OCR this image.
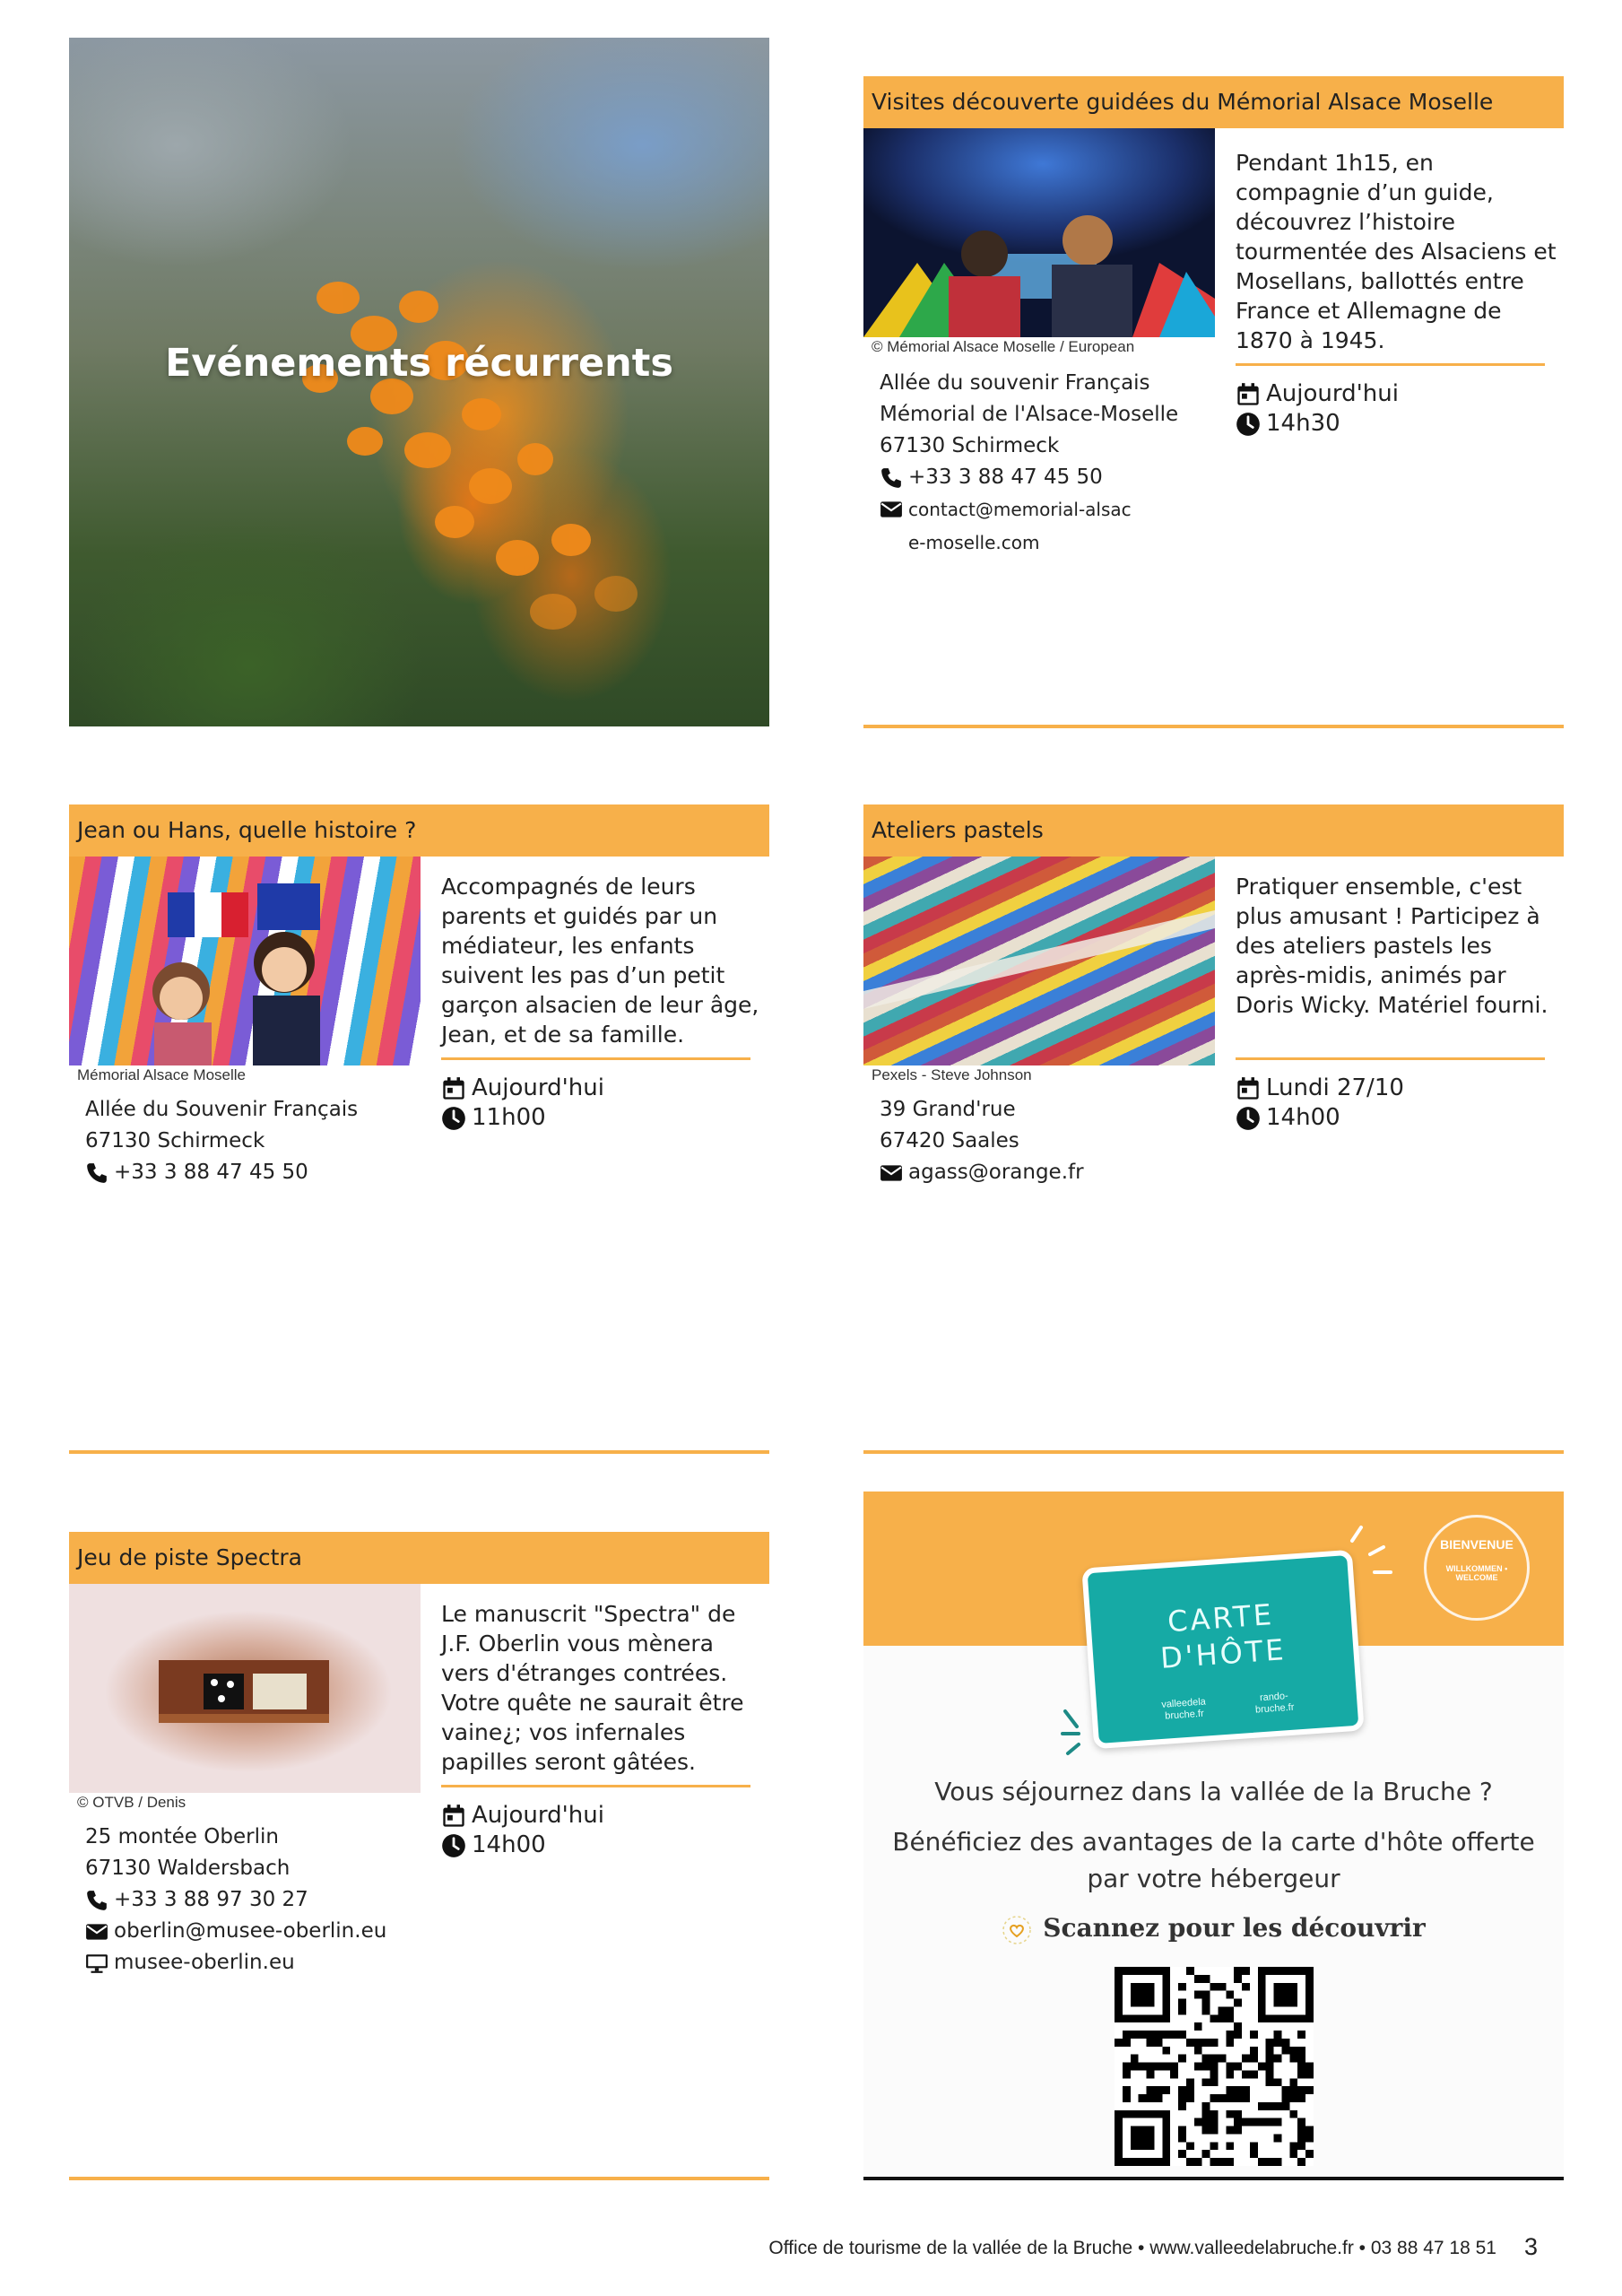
Evénements récurrents
Visites découverte guidées du Mémorial Alsace Moselle
© Mémorial Alsace Moselle / European
Pendant 1h15, en compagnie d’un guide, découvrez l’histoire tourmentée des Alsaciens et Mosellans, ballottés entre France et Allemagne de 1870 à 1945.
Aujourd'hui
14h30
Allée du souvenir Français
Mémorial de l'Alsace-Moselle
67130 Schirmeck
+33 3 88 47 45 50
contact@memorial-alsace-moselle.com
Jean ou Hans, quelle histoire ?
Mémorial Alsace Moselle
Accompagnés de leurs parents et guidés par un médiateur, les enfants suivent les pas d’un petit garçon alsacien de leur âge, Jean, et de sa famille.
Aujourd'hui
11h00
Allée du Souvenir Français
67130 Schirmeck
+33 3 88 47 45 50
Ateliers pastels
Pexels - Steve Johnson
Pratiquer ensemble, c'est plus amusant ! Participez à des ateliers pastels les après-midis, animés par Doris Wicky. Matériel fourni.
Lundi 27/10
14h00
39 Grand'rue
67420 Saales
agass@orange.fr
Jeu de piste Spectra
© OTVB / Denis
Le manuscrit "Spectra" de J.F. Oberlin vous mènera vers d'étranges contrées. Votre quête ne saurait être vaine¿; vos infernales papilles seront gâtées.
Aujourd'hui
14h00
25 montée Oberlin
67130 Waldersbach
+33 3 88 97 30 27
oberlin@musee-oberlin.eu
musee-oberlin.eu
CARTE
D'HÔTE
valleedela bruche.fr
rando-bruche.fr
BIENVENUE
WILLKOMMEN • WELCOME
Vous séjournez dans la vallée de la Bruche ?
Bénéficiez des avantages de la carte d'hôte offerte par votre hébergeur
Scannez pour les découvrir
Office de tourisme de la vallée de la Bruche • www.valleedelabruche.fr • 03 88 47 18 51 3
